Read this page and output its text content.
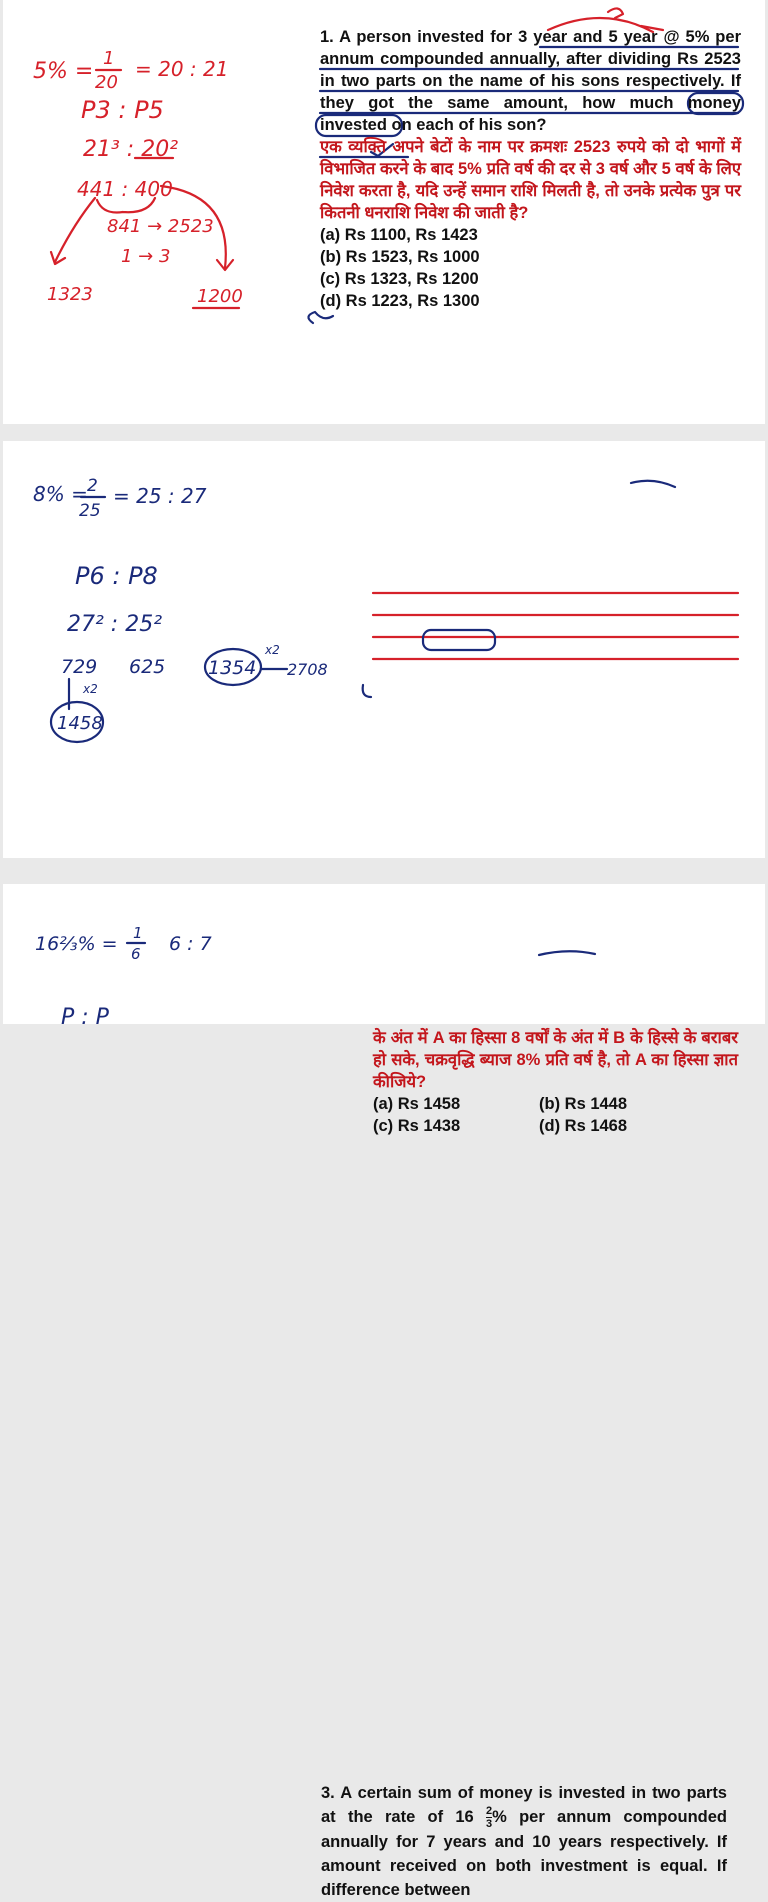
5% =
1
20
= 20 : 21
P3 : P5
21³ : 20²
441 : 400
841 → 2523
1 → 3
1323	1200

1. A person invested for 3 year and 5 year @ 5% per annum compounded annually, after dividing Rs 2523 in two parts on the name of his sons respectively. If they got the same amount, how much money invested on each of his son?

एक व्यक्ति अपने बेटों के नाम पर क्रमशः 2523 रुपये को दो भागों में विभाजित करने के बाद 5% प्रति वर्ष की दर से 3 वर्ष और 5 वर्ष के लिए निवेश करता है, यदि उन्हें समान राशि मिलती है, तो उनके प्रत्येक पुत्र पर कितनी धनराशि निवेश की जाती है?

(a) Rs 1100, Rs 1423

(b) Rs 1523, Rs 1000

(c) Rs 1323, Rs 1200

(d) Rs 1223, Rs 1300

8% = 2
25
= 25 : 27
P6 : P8
27² : 25²
729 625 1354
x2
2708
x2
1458

के अंत में A का हिस्सा 8 वर्षों के अंत में B के हिस्से के बराबर हो सके, चक्रवृद्धि ब्याज 8% प्रति वर्ष है, तो A का हिस्सा ज्ञात कीजिये?

(a) Rs 1458	(b) Rs 1448

(c) Rs 1438	(d) Rs 1468

16⅔% = 1
6 6 : 7
P : P

3. A certain sum of money is invested in two parts at the rate of $16 \frac{2}{3}$ % per annum compounded annually for 7 years and 10 years respectively. If amount received on both investment is equal. If difference between
